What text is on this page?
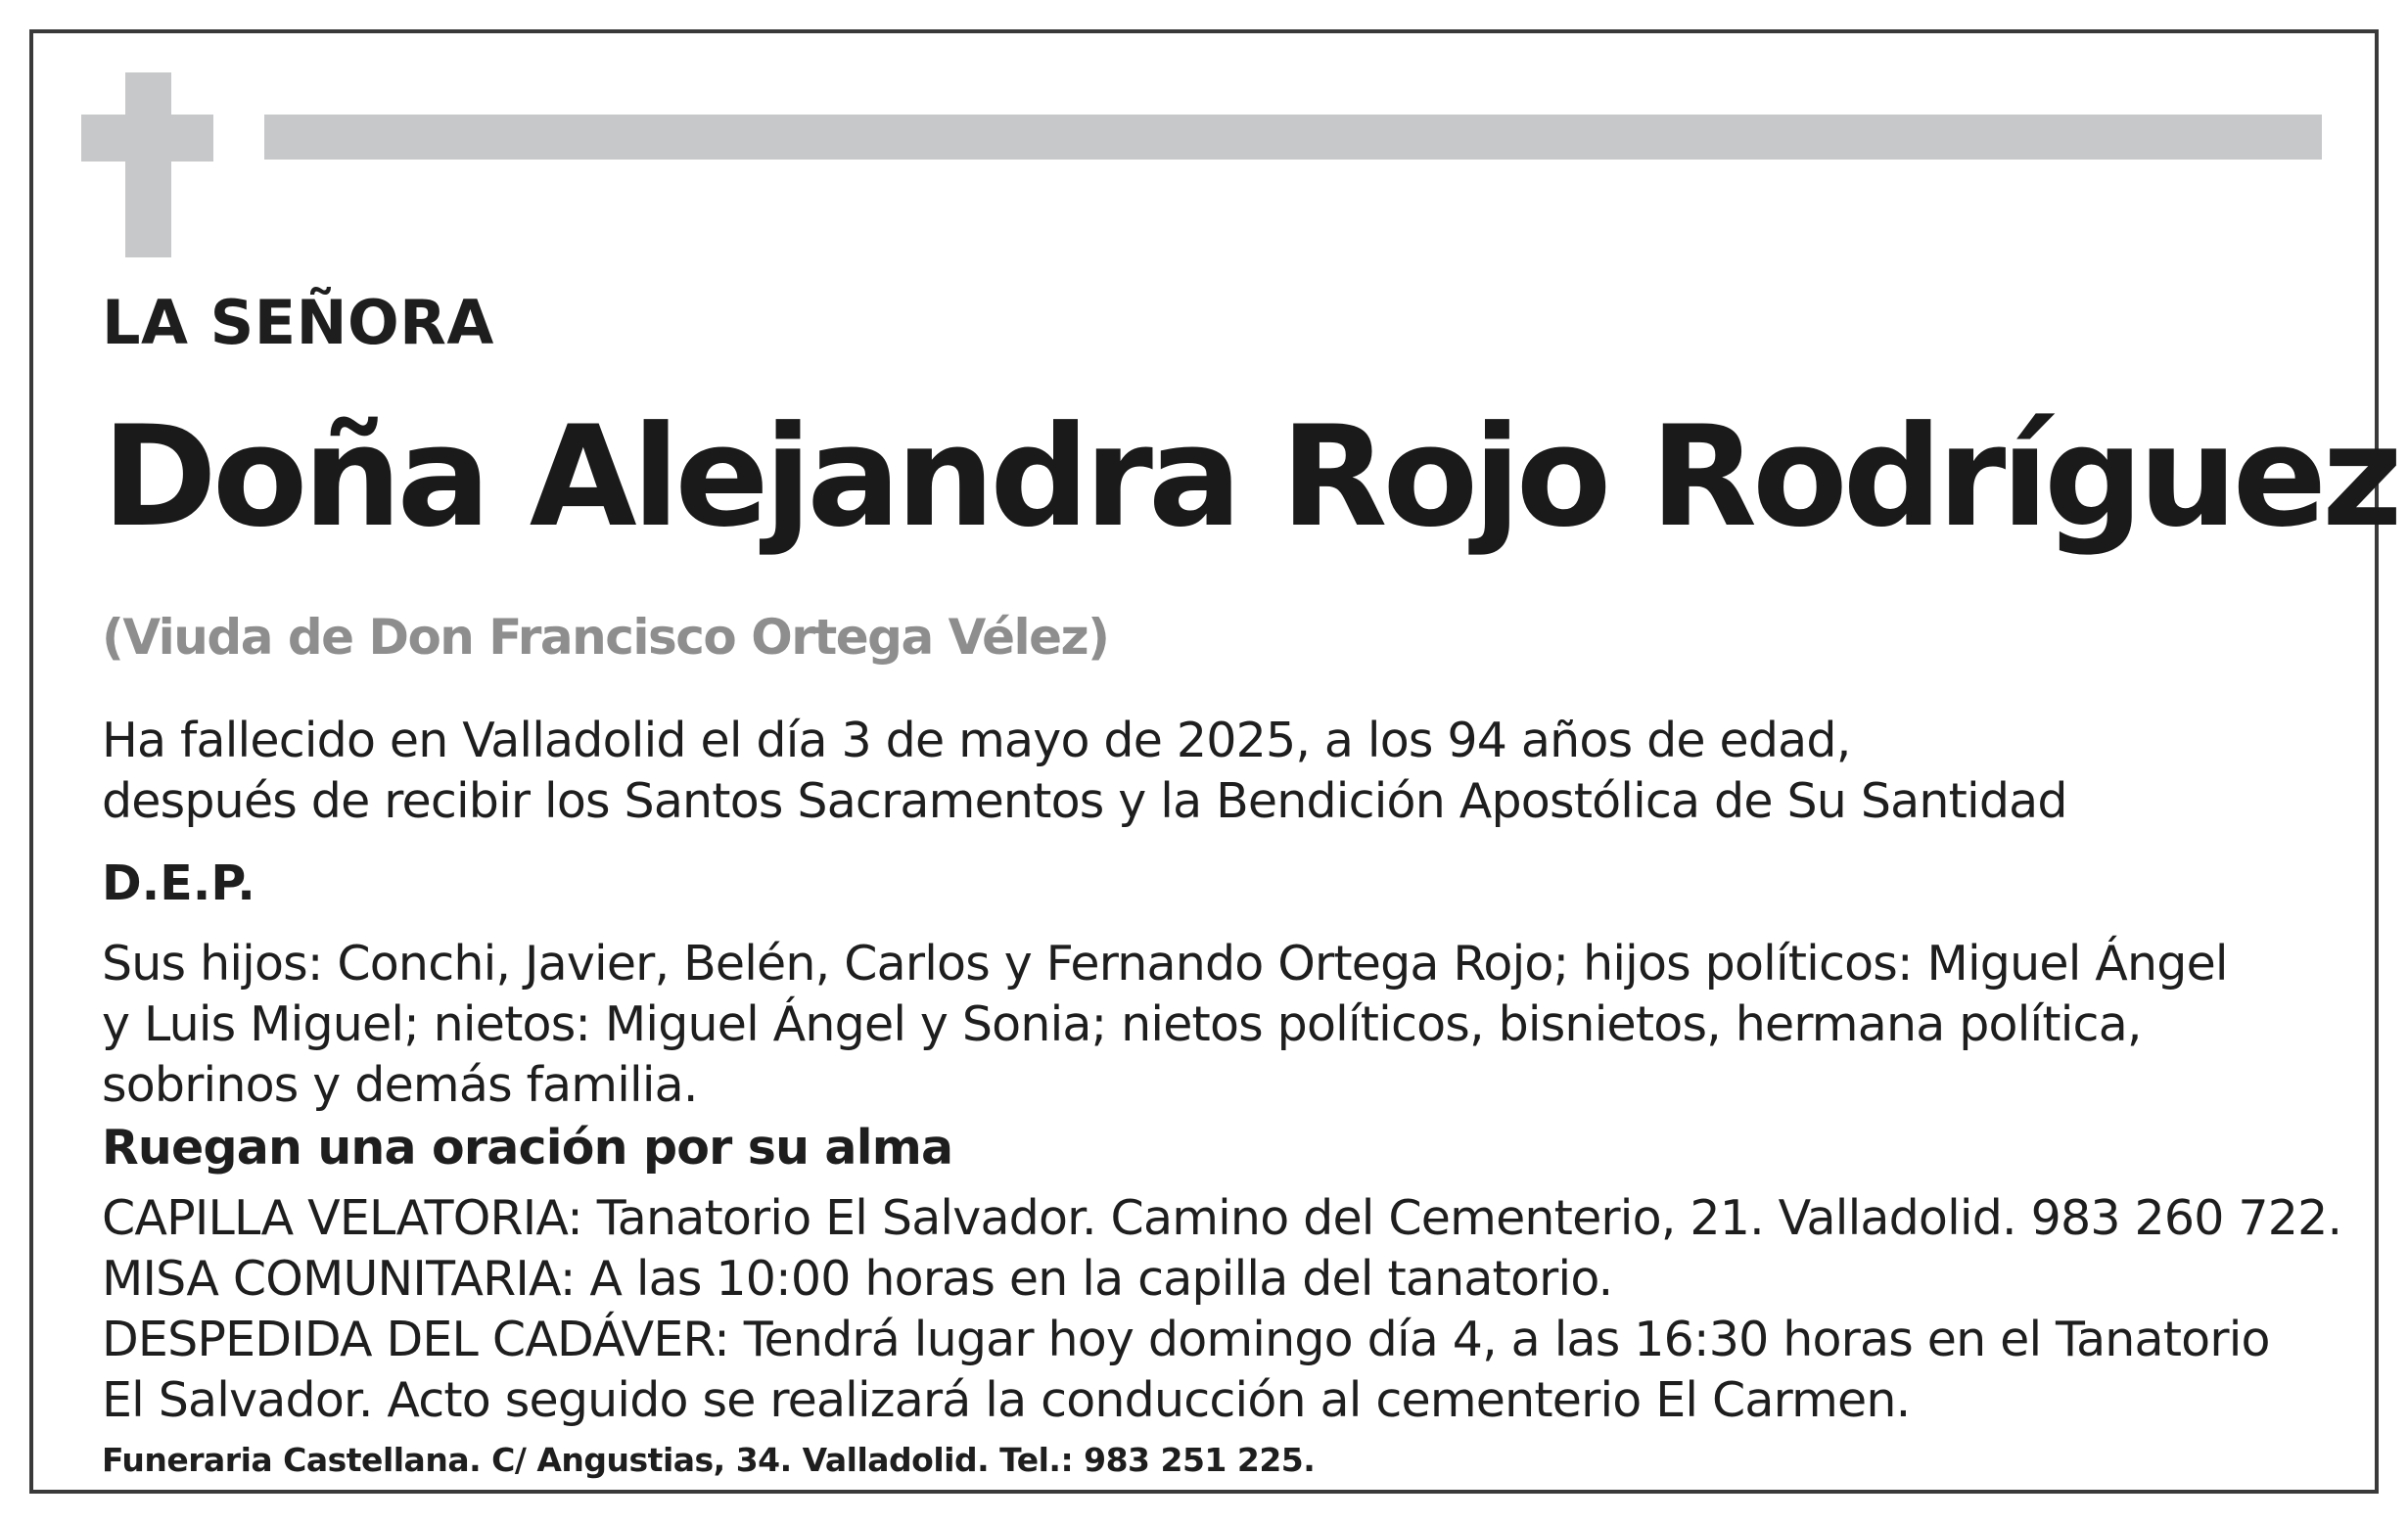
LA SEÑORA

Doña Alejandra Rojo Rodríguez

(Viuda de Don Francisco Ortega Vélez)

Ha fallecido en Valladolid el día 3 de mayo de 2025, a los 94 años de edad,
después de recibir los Santos Sacramentos y la Bendición Apostólica de Su Santidad

D.E.P.

Sus hijos: Conchi, Javier, Belén, Carlos y Fernando Ortega Rojo; hijos políticos: Miguel Ángel
y Luis Miguel; nietos: Miguel Ángel y Sonia; nietos políticos, bisnietos, hermana política,
sobrinos y demás familia.

Ruegan una oración por su alma

CAPILLA VELATORIA: Tanatorio El Salvador. Camino del Cementerio, 21. Valladolid. 983 260 722.
MISA COMUNITARIA: A las 10:00 horas en la capilla del tanatorio.
DESPEDIDA DEL CADÁVER: Tendrá lugar hoy domingo día 4, a las 16:30 horas en el Tanatorio
El Salvador. Acto seguido se realizará la conducción al cementerio El Carmen.

Funeraria Castellana. C/ Angustias, 34. Valladolid. Tel.: 983 251 225.
